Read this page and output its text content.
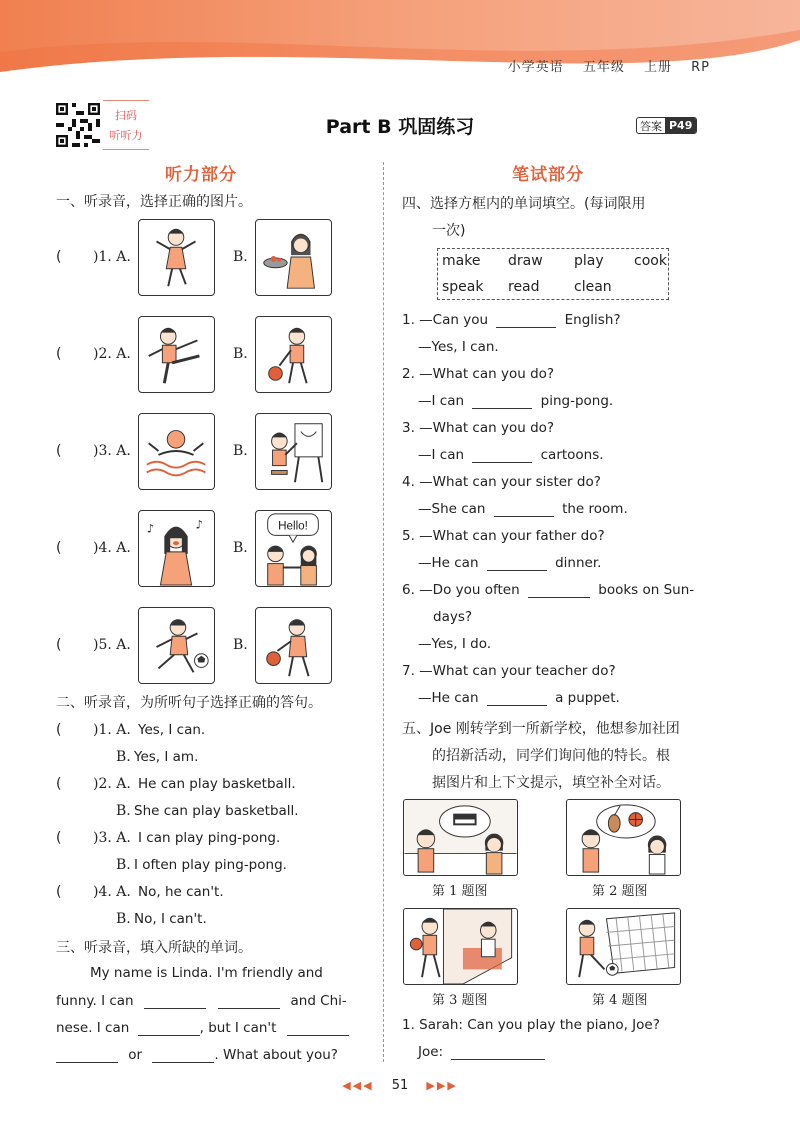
小学英语 五年级 上册 RP
扫码
听听力	Part B 巩固练习	答案 P49
听力部分
一、听录音，选择正确的图片。
( )1. A.	B.
( )2. A.	B.
( )3. A.	B.
( )4. A.
♪	♪
B.
Hello!
( )5. A.	B.
二、听录音，为所听句子选择正确的答句。
( )1. A. Yes, I can.
B. Yes, I am.
( )2. A. He can play basketball.
B. She can play basketball.
( )3. A. I can play ping-pong.
B. I often play ping-pong.
( )4. A. No, he can't.
B. No, I can't.
三、听录音，填入所缺的单词。
My name is Linda. I'm friendly and
funny. I can	and Chi-
nese. I can	, but I can't
or	. What about you?
笔试部分
四、选择方框内的单词填空。(每词限用
一次)
make draw play cook
speak read clean
1. —Can you	English?
—Yes, I can.
2. —What can you do?
—I can	ping-pong.
3. —What can you do?
—I can	cartoons.
4. —What can your sister do?
—She can	the room.
5. —What can your father do?
—He can	dinner.
6. —Do you often	books on Sun-
days?
—Yes, I do.
7. —What can your teacher do?
—He can	a puppet.
五、Joe 刚转学到一所新学校，他想参加社团
的招新活动，同学们询问他的特长。根
据图片和上下文提示，填空补全对话。
第 1 题图	第 2 题图
第 3 题图	第 4 题图
1. Sarah: Can you play the piano, Joe?
Joe:
◀◀◀ 51 ▶▶▶
